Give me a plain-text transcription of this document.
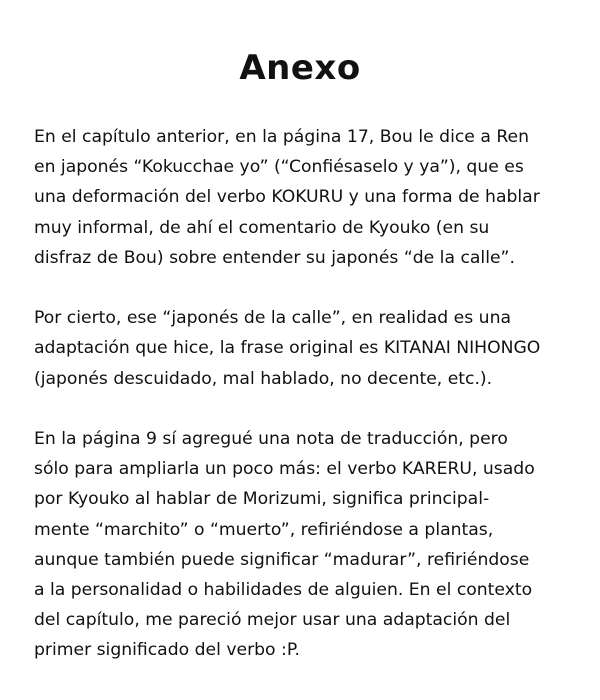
Anexo

En el capítulo anterior, en la página 17, Bou le dice a Ren
en japonés “Kokucchae yo” (“Confiésaselo y ya”), que es
una deformación del verbo KOKURU y una forma de hablar
muy informal, de ahí el comentario de Kyouko (en su
disfraz de Bou) sobre entender su japonés “de la calle”.

Por cierto, ese “japonés de la calle”, en realidad es una
adaptación que hice, la frase original es KITANAI NIHONGO
(japonés descuidado, mal hablado, no decente, etc.).

En la página 9 sí agregué una nota de traducción, pero
sólo para ampliarla un poco más: el verbo KARERU, usado
por Kyouko al hablar de Morizumi, significa principal-
mente “marchito” o “muerto”, refiriéndose a plantas,
aunque también puede significar “madurar”, refiriéndose
a la personalidad o habilidades de alguien. En el contexto
del capítulo, me pareció mejor usar una adaptación del
primer significado del verbo :P.
